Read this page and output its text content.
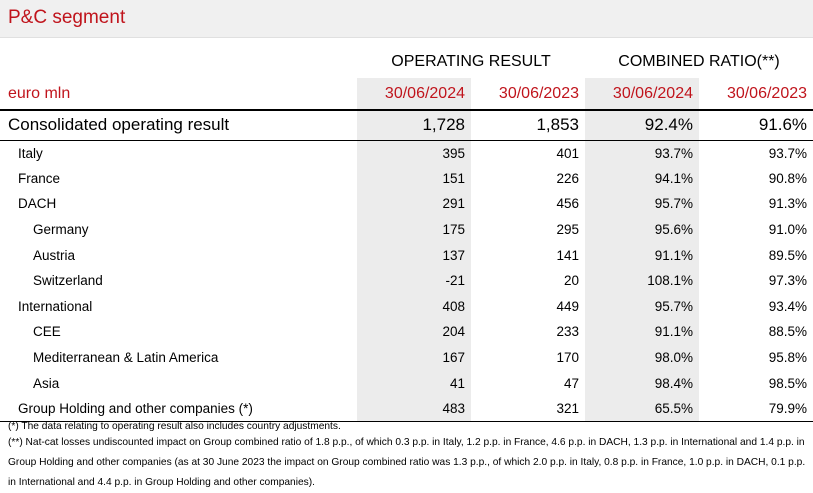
P&C segment
	OPERATING RESULT		COMBINED RATIO(**)	
euro mln	30/06/2024	30/06/2023	30/06/2024	30/06/2023
Consolidated operating result	1,728	1,853	92.4%	91.6%
Italy	395	401	93.7%	93.7%
France	151	226	94.1%	90.8%
DACH	291	456	95.7%	91.3%
Germany	175	295	95.6%	91.0%
Austria	137	141	91.1%	89.5%
Switzerland	-21	20	108.1%	97.3%
International	408	449	95.7%	93.4%
CEE	204	233	91.1%	88.5%
Mediterranean & Latin America	167	170	98.0%	95.8%
Asia	41	47	98.4%	98.5%
Group Holding and other companies (*)	483	321	65.5%	79.9%

(*) The data relating to operating result also includes country adjustments.

(**) Nat-cat losses undiscounted impact on Group combined ratio of 1.8 p.p., of which 0.3 p.p. in Italy, 1.2 p.p. in France, 4.6 p.p. in DACH, 1.3 p.p. in International and 1.4 p.p. in Group Holding and other companies (as at 30 June 2023 the impact on Group combined ratio was 1.3 p.p., of which 2.0 p.p. in Italy, 0.8 p.p. in France, 1.0 p.p. in DACH, 0.1 p.p. in International and 4.4 p.p. in Group Holding and other companies).
